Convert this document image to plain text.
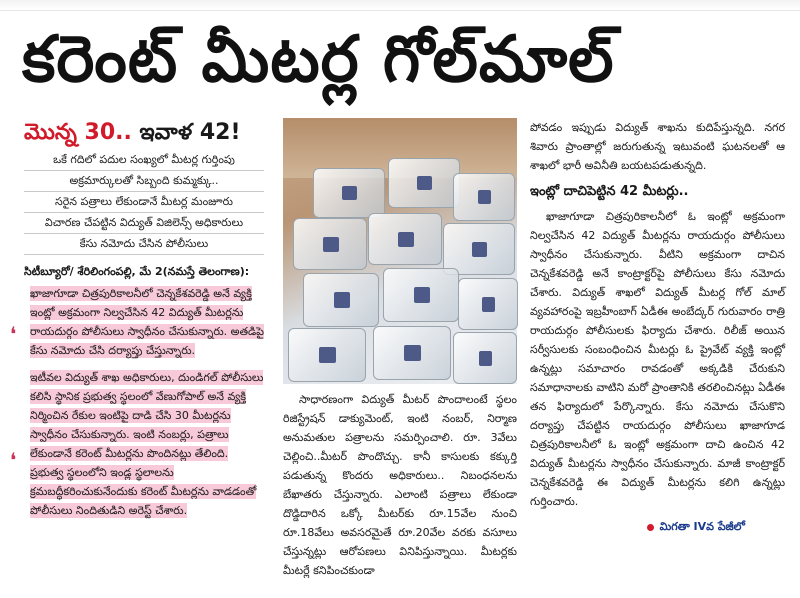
కరెంట్ మీటర్ల గోల్‌మాల్
మొన్న 30.. ఇవాళ 42!
ఒకే గదిలో పదుల సంఖ్యలో మీటర్ల గుర్తింపు
అక్రమార్కులతో సిబ్బంది కుమ్మక్కు..
సరైన పత్రాలు లేకుండానే మీటర్ల మంజూరు
విచారణ చేపట్టిన విద్యుత్ విజిలెన్స్ అధికారులు
కేసు నమోదు చేసిన పోలీసులు
సిటీబ్యూరో/ శేరిలింగంపల్లి, మే 2(నమస్తే తెలంగాణ):
❛
ఖాజాగూడా చిత్రపురికాలనీలో చెన్నకేశవరెడ్డి అనే వ్యక్తి ఇంట్లో అక్రమంగా నిల్వచేసిన 42 విద్యుత్ మీటర్లను రాయదుర్గం పోలీసులు స్వాధీనం చేసుకున్నారు. అతడిపై కేసు నమోదు చేసి దర్యాప్తు చేస్తున్నారు.
❛
ఇటీవల విద్యుత్ శాఖ అధికారులు, దుండిగల్ పోలీసులు కలిసి స్థానిక ప్రభుత్వ స్థలంలో వేణుగోపాల్ అనే వ్యక్తి నిర్మించిన రేకుల ఇంటిపై దాడి చేసి 30 మీటర్లను స్వాధీనం చేసుకున్నారు. ఇంటి నంబర్లు, పత్రాలు లేకుండానే కరెంట్ మీటర్లను పొందినట్లు తేలింది. ప్రభుత్వ స్థలంలోని ఇండ్ల స్థలాలను క్రమబద్ధీకరించుకునేందుకు కరెంట్ మీటర్లను వాడడంతో పోలీసులు నిందితుడిని అరెస్ట్ చేశారు.
సాధారణంగా విద్యుత్ మీటర్ పొందాలంటే స్థలం రిజిస్ట్రేషన్ డాక్యుమెంట్, ఇంటి నంబర్, నిర్మాణ అనుమతుల పత్రాలను సమర్పించాలి. రూ. 3వేలు చెల్లించి..మీటర్ పొందొచ్చు. కానీ కాసులకు కక్కుర్తి పడుతున్న కొందరు అధికారులు.. నిబంధనలను బేఖాతరు చేస్తున్నారు. ఎలాంటి పత్రాలు లేకుండా దొడ్డిదారిన ఒక్కో మీటర్‌కు రూ.15వేల నుంచి రూ.18వేలు అవసరమైతే రూ.20వేల వరకు వసూలు చేస్తున్నట్లు ఆరోపణలు వినిపిస్తున్నాయి. మీటర్లకు మీటర్లే కనిపించకుండా
పోవడం ఇప్పుడు విద్యుత్ శాఖను కుదిపేస్తున్నది. నగర శివారు ప్రాంతాల్లో జరుగుతున్న ఇటువంటి ఘటనలతో ఆ శాఖలో భారీ అవినీతి బయటపడుతున్నది.
ఇంట్లో దాచిపెట్టిన 42 మీటర్లు..
ఖాజాగూడా చిత్రపురికాలనీలో ఓ ఇంట్లో అక్రమంగా నిల్వచేసిన 42 విద్యుత్ మీటర్లను రాయదుర్గం పోలీసులు స్వాధీనం చేసుకున్నారు. వీటిని అక్రమంగా దాచిన చెన్నకేశవరెడ్డి అనే కాంట్రాక్టర్‌పై పోలీసులు కేసు నమోదు చేశారు. విద్యుత్ శాఖలో విద్యుత్ మీటర్ల గోల్ మాల్ వ్యవహారంపై ఇబ్రహీంబాగ్ ఏడీఈ అంబేద్కర్ గురువారం రాత్రి రాయదుర్గం పోలీసులకు ఫిర్యాదు చేశారు. రిలీజ్ అయిన సర్వీసులకు సంబంధించిన మీటర్లు ఓ ప్రైవేట్ వ్యక్తి ఇంట్లో ఉన్నట్లు సమాచారం రావడంతో అక్కడికి చేరుకుని సమాధానాలకు వాటిని మరో ప్రాంతానికి తరలించినట్లు ఏడీఈ తన ఫిర్యాదులో పేర్కొన్నారు. కేసు నమోదు చేసుకొని దర్యాప్తు చేపట్టిన రాయదుర్గం పోలీసులు ఖాజాగూడ చిత్రపురికాలనీలో ఓ ఇంట్లో అక్రమంగా దాచి ఉంచిన 42 విద్యుత్ మీటర్లను స్వాధీనం చేసుకున్నారు. మాజీ కాంట్రాక్టర్ చెన్నకేశవరెడ్డి ఈ విద్యుత్ మీటర్లను కలిగి ఉన్నట్లు గుర్తించారు.
మిగతా IVవ పేజీలో
